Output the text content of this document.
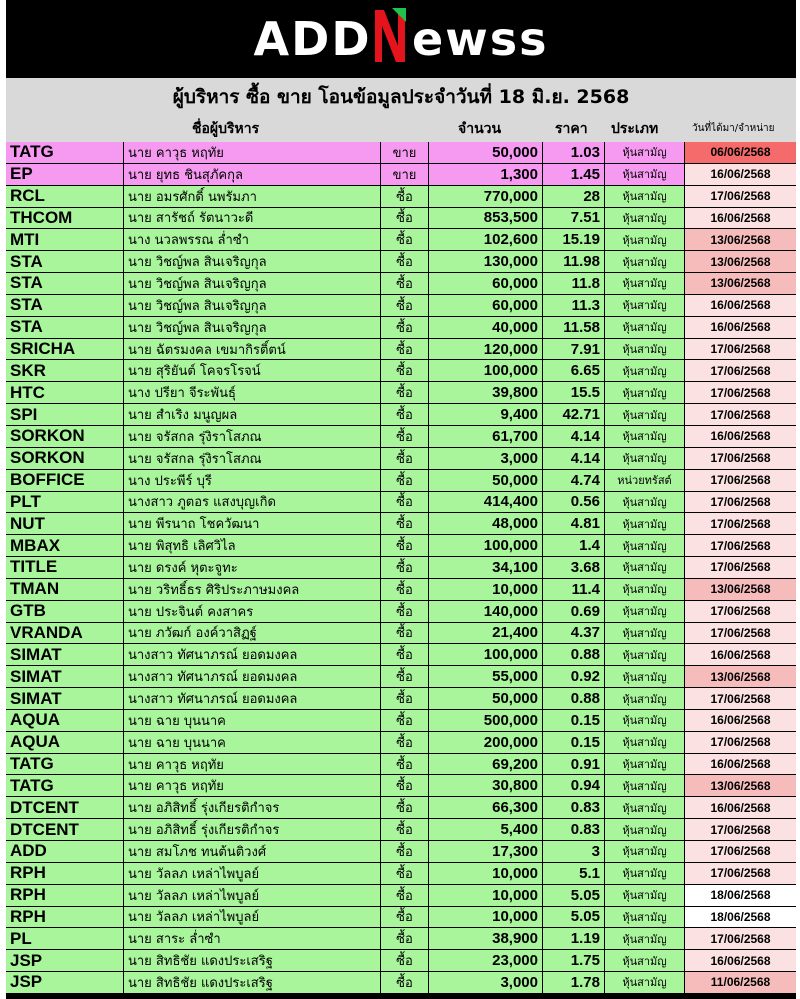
ADD ewss
ผู้บริหาร ซื้อ ขาย โอนข้อมูลประจำวันที่ 18 มิ.ย. 2568
ชื่อผู้บริหาร	จำนวน	ราคา ประเภท	วันที่ได้มา/จำหน่าย
TATG	นาย คาวุธ หฤทัย	ขาย	50,000	1.03	หุ้นสามัญ	06/06/2568
EP	นาย ยุทธ ชินสุภัคกุล	ขาย	1,300	1.45	หุ้นสามัญ	16/06/2568
RCL	นาย อมรศักดิ์ นพรัมภา	ซื้อ	770,000	28	หุ้นสามัญ	17/06/2568
THCOM	นาย สารัชถ์ รัตนาวะดี	ซื้อ	853,500	7.51	หุ้นสามัญ	16/06/2568
MTI	นาง นวลพรรณ ล่ำซำ	ซื้อ	102,600	15.19	หุ้นสามัญ	13/06/2568
STA	นาย วิชญ์พล สินเจริญกุล	ซื้อ	130,000	11.98	หุ้นสามัญ	13/06/2568
STA	นาย วิชญ์พล สินเจริญกุล	ซื้อ	60,000	11.8	หุ้นสามัญ	13/06/2568
STA	นาย วิชญ์พล สินเจริญกุล	ซื้อ	60,000	11.3	หุ้นสามัญ	16/06/2568
STA	นาย วิชญ์พล สินเจริญกุล	ซื้อ	40,000	11.58	หุ้นสามัญ	16/06/2568
SRICHA	นาย ฉัตรมงคล เขมากิรติ์ตน์	ซื้อ	120,000	7.91	หุ้นสามัญ	17/06/2568
SKR	นาย สุริยันต์ โคจรโรจน์	ซื้อ	100,000	6.65	หุ้นสามัญ	17/06/2568
HTC	นาง ปรียา จีระพันธุ์	ซื้อ	39,800	15.5	หุ้นสามัญ	17/06/2568
SPI	นาย สำเริง มนูญผล	ซื้อ	9,400	42.71	หุ้นสามัญ	17/06/2568
SORKON	นาย จรัสกล รุ่งิราโสภณ	ซื้อ	61,700	4.14	หุ้นสามัญ	16/06/2568
SORKON	นาย จรัสกล รุ่งิราโสภณ	ซื้อ	3,000	4.14	หุ้นสามัญ	17/06/2568
BOFFICE	นาง ประพีร์ บุรี	ซื้อ	50,000	4.74	หน่วยทรัสต์	17/06/2568
PLT	นางสาว ภูตอร แสงบุญเกิด	ซื้อ	414,400	0.56	หุ้นสามัญ	17/06/2568
NUT	นาย พีรนาถ โชควัฒนา	ซื้อ	48,000	4.81	หุ้นสามัญ	17/06/2568
MBAX	นาย พิสุทธิ เลิศวิไล	ซื้อ	100,000	1.4	หุ้นสามัญ	17/06/2568
TITLE	นาย ดรงค์ หุตะจูทะ	ซื้อ	34,100	3.68	หุ้นสามัญ	17/06/2568
TMAN	นาย วริทธิ์ธร ศิริประภาษมงคล	ซื้อ	10,000	11.4	หุ้นสามัญ	13/06/2568
GTB	นาย ประจินต์ คงสาคร	ซื้อ	140,000	0.69	หุ้นสามัญ	17/06/2568
VRANDA	นาย ภวัฒก์ องค์วาสิฏฐ์	ซื้อ	21,400	4.37	หุ้นสามัญ	17/06/2568
SIMAT	นางสาว ทัศนาภรณ์ ยอดมงคล	ซื้อ	100,000	0.88	หุ้นสามัญ	16/06/2568
SIMAT	นางสาว ทัศนาภรณ์ ยอดมงคล	ซื้อ	55,000	0.92	หุ้นสามัญ	13/06/2568
SIMAT	นางสาว ทัศนาภรณ์ ยอดมงคล	ซื้อ	50,000	0.88	หุ้นสามัญ	17/06/2568
AQUA	นาย ฉาย บุนนาค	ซื้อ	500,000	0.15	หุ้นสามัญ	16/06/2568
AQUA	นาย ฉาย บุนนาค	ซื้อ	200,000	0.15	หุ้นสามัญ	17/06/2568
TATG	นาย คาวุธ หฤทัย	ซื้อ	69,200	0.91	หุ้นสามัญ	16/06/2568
TATG	นาย คาวุธ หฤทัย	ซื้อ	30,800	0.94	หุ้นสามัญ	13/06/2568
DTCENT	นาย อภิสิทธิ์ รุ่งเกียรติกำจร	ซื้อ	66,300	0.83	หุ้นสามัญ	16/06/2568
DTCENT	นาย อภิสิทธิ์ รุ่งเกียรติกำจร	ซื้อ	5,400	0.83	หุ้นสามัญ	17/06/2568
ADD	นาย สมโภช ทนต้นติวงศ์	ซื้อ	17,300	3	หุ้นสามัญ	17/06/2568
RPH	นาย วัลลภ เหล่าไพบูลย์	ซื้อ	10,000	5.1	หุ้นสามัญ	17/06/2568
RPH	นาย วัลลภ เหล่าไพบูลย์	ซื้อ	10,000	5.05	หุ้นสามัญ	18/06/2568
RPH	นาย วัลลภ เหล่าไพบูลย์	ซื้อ	10,000	5.05	หุ้นสามัญ	18/06/2568
PL	นาย สาระ ล่ำซำ	ซื้อ	38,900	1.19	หุ้นสามัญ	17/06/2568
JSP	นาย สิทธิชัย แดงประเสริฐ	ซื้อ	23,000	1.75	หุ้นสามัญ	16/06/2568
JSP	นาย สิทธิชัย แดงประเสริฐ	ซื้อ	3,000	1.78	หุ้นสามัญ	11/06/2568
